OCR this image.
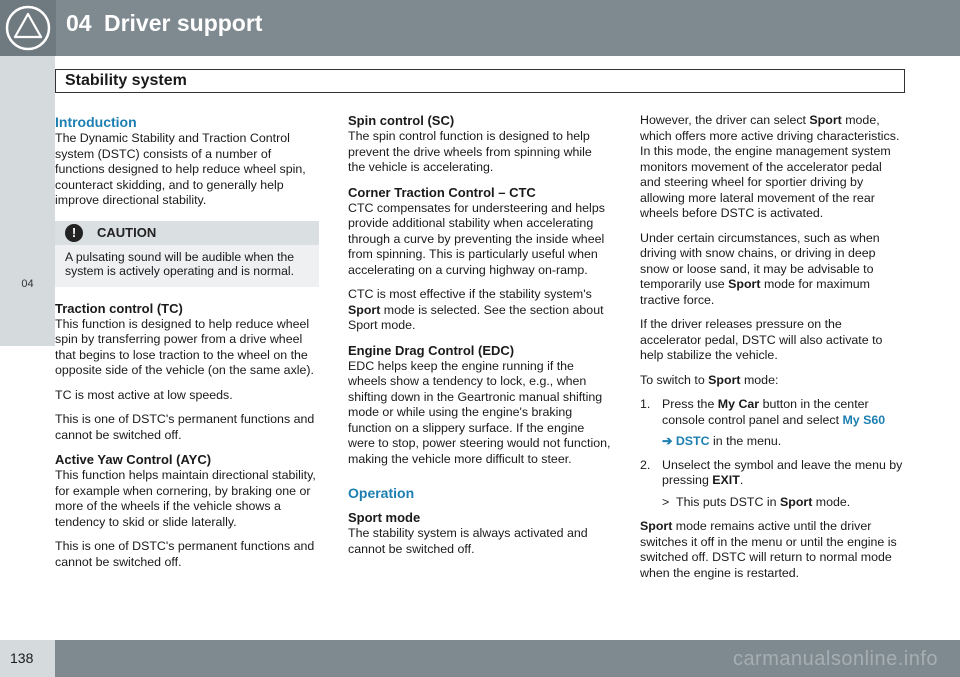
04 Driver support
Stability system
04
Introduction

The Dynamic Stability and Traction Control system (DSTC) consists of a number of functions designed to help reduce wheel spin, counteract skidding, and to generally help improve directional stability.

!	CAUTION
A pulsating sound will be audible when the system is actively operating and is normal.
Traction control (TC)

This function is designed to help reduce wheel spin by transferring power from a drive wheel that begins to lose traction to the wheel on the opposite side of the vehicle (on the same axle).

TC is most active at low speeds.

This is one of DSTC's permanent functions and cannot be switched off.

Active Yaw Control (AYC)

This function helps maintain directional stability, for example when cornering, by braking one or more of the wheels if the vehicle shows a tendency to skid or slide laterally.

This is one of DSTC's permanent functions and cannot be switched off.

Spin control (SC)

The spin control function is designed to help prevent the drive wheels from spinning while the vehicle is accelerating.

Corner Traction Control – CTC

CTC compensates for understeering and helps provide additional stability when accelerating through a curve by preventing the inside wheel from spinning. This is particularly useful when accelerating on a curving highway on-ramp.

CTC is most effective if the stability system's Sport mode is selected. See the section about Sport mode.

Engine Drag Control (EDC)

EDC helps keep the engine running if the wheels show a tendency to lock, e.g., when shifting down in the Geartronic manual shifting mode or while using the engine's braking function on a slippery surface. If the engine were to stop, power steering would not function, making the vehicle more difficult to steer.

Operation
Sport mode

The stability system is always activated and cannot be switched off.

However, the driver can select Sport mode, which offers more active driving characteristics. In this mode, the engine management system monitors movement of the accelerator pedal and steering wheel for sportier driving by allowing more lateral movement of the rear wheels before DSTC is activated.

Under certain circumstances, such as when driving with snow chains, or driving in deep snow or loose sand, it may be advisable to temporarily use Sport mode for maximum tractive force.

If the driver releases pressure on the accelerator pedal, DSTC will also activate to help stabilize the vehicle.

To switch to Sport mode:

1. Press the My Car button in the center console control panel and select My S60
➔ DSTC in the menu.
2. Unselect the symbol and leave the menu by pressing EXIT.
> This puts DSTC in Sport mode.

Sport mode remains active until the driver switches it off in the menu or until the engine is switched off. DSTC will return to normal mode when the engine is restarted.

138	carmanualsonline.info
